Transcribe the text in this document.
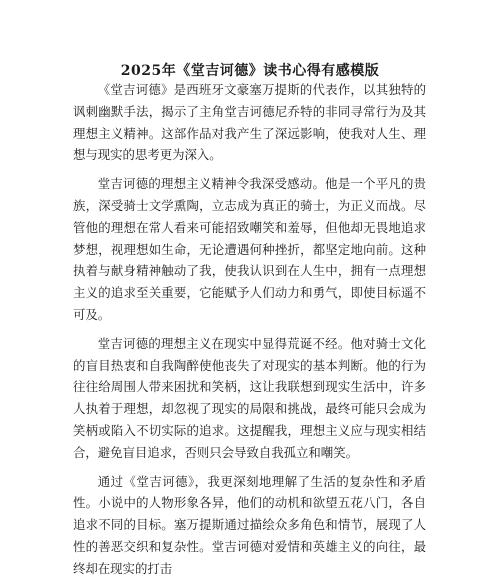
2025年《堂吉诃德》读书心得有感模版

《堂吉诃德》是西班牙文豪塞万提斯的代表作，以其独特的讽刺幽默手法，揭示了主角堂吉诃德尼乔特的非同寻常行为及其理想主义精神。这部作品对我产生了深远影响，使我对人生、理想与现实的思考更为深入。

堂吉诃德的理想主义精神令我深受感动。他是一个平凡的贵族，深受骑士文学熏陶，立志成为真正的骑士，为正义而战。尽管他的理想在常人看来可能招致嘲笑和羞辱，但他却无畏地追求梦想，视理想如生命，无论遭遇何种挫折，都坚定地向前。这种执着与献身精神触动了我，使我认识到在人生中，拥有一点理想主义的追求至关重要，它能赋予人们动力和勇气，即使目标遥不可及。

堂吉诃德的理想主义在现实中显得荒诞不经。他对骑士文化的盲目热衷和自我陶醉使他丧失了对现实的基本判断。他的行为往往给周围人带来困扰和笑柄，这让我联想到现实生活中，许多人执着于理想，却忽视了现实的局限和挑战，最终可能只会成为笑柄或陷入不切实际的追求。这提醒我，理想主义应与现实相结合，避免盲目追求，否则只会导致自我孤立和嘲笑。

通过《堂吉诃德》，我更深刻地理解了生活的复杂性和矛盾性。小说中的人物形象各异，他们的动机和欲望五花八门，各自追求不同的目标。塞万提斯通过描绘众多角色和情节，展现了人性的善恶交织和复杂性。堂吉诃德对爱情和英雄主义的向往，最终却在现实的打击
